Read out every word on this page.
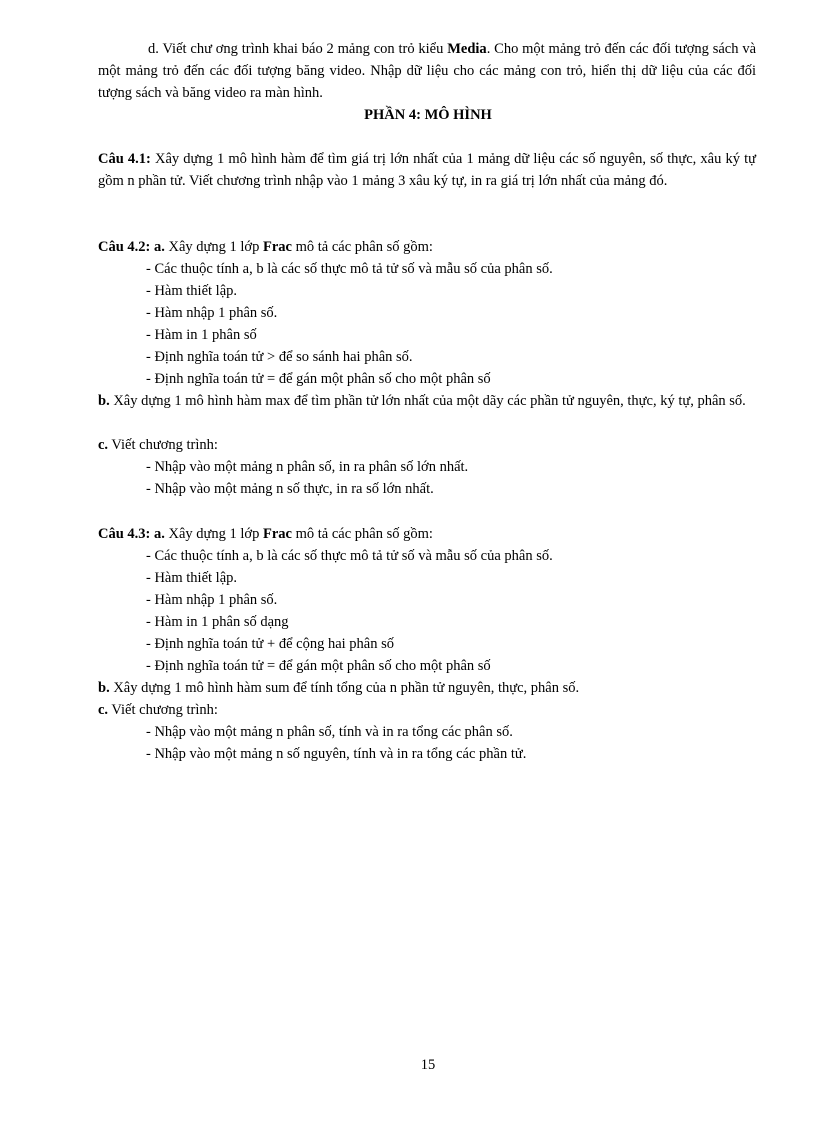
d. Viết chư ơng trình khai báo 2 mảng con trỏ kiểu Media. Cho một mảng trỏ đến các đối tượng sách và một mảng trỏ đến các đối tượng băng video. Nhập dữ liệu cho các mảng con trỏ, hiển thị dữ liệu của các đối tượng sách và băng video ra màn hình.
PHẦN 4: MÔ HÌNH
Câu 4.1: Xây dựng 1 mô hình hàm để tìm giá trị lớn nhất của 1 mảng dữ liệu các số nguyên, số thực, xâu ký tự gồm n phần tử. Viết chương trình nhập vào 1 mảng 3 xâu ký tự, in ra giá trị lớn nhất của mảng đó.
Câu 4.2: a. Xây dựng 1 lớp Frac mô tả các phân số gồm:
- Các thuộc tính a, b là các số thực mô tả tử số và mẫu số của phân số.
- Hàm thiết lập.
- Hàm nhập 1 phân số.
- Hàm in 1 phân số
- Định nghĩa toán tử > để so sánh hai phân số.
- Định nghĩa toán tử = để gán một phân số cho một phân số
b. Xây dựng 1 mô hình hàm max để tìm phần tử lớn nhất của một dãy các phần tử nguyên, thực, ký tự, phân số.
c. Viết chương trình:
- Nhập vào một mảng n phân số, in ra phân số lớn nhất.
- Nhập vào một mảng n số thực, in ra số lớn nhất.
Câu 4.3: a. Xây dựng 1 lớp Frac mô tả các phân số gồm:
- Các thuộc tính a, b là các số thực mô tả tử số và mẫu số của phân số.
- Hàm thiết lập.
- Hàm nhập 1 phân số.
- Hàm in 1 phân số dạng
- Định nghĩa toán tử + để cộng hai phân số
- Định nghĩa toán tử = để gán một phân số cho một phân số
b. Xây dựng 1 mô hình hàm sum để tính tổng của n phần tử nguyên, thực, phân số.
c. Viết chương trình:
- Nhập vào một mảng n phân số, tính và in ra tổng các phân số.
- Nhập vào một mảng n số nguyên, tính và in ra tổng các phần tử.
15
